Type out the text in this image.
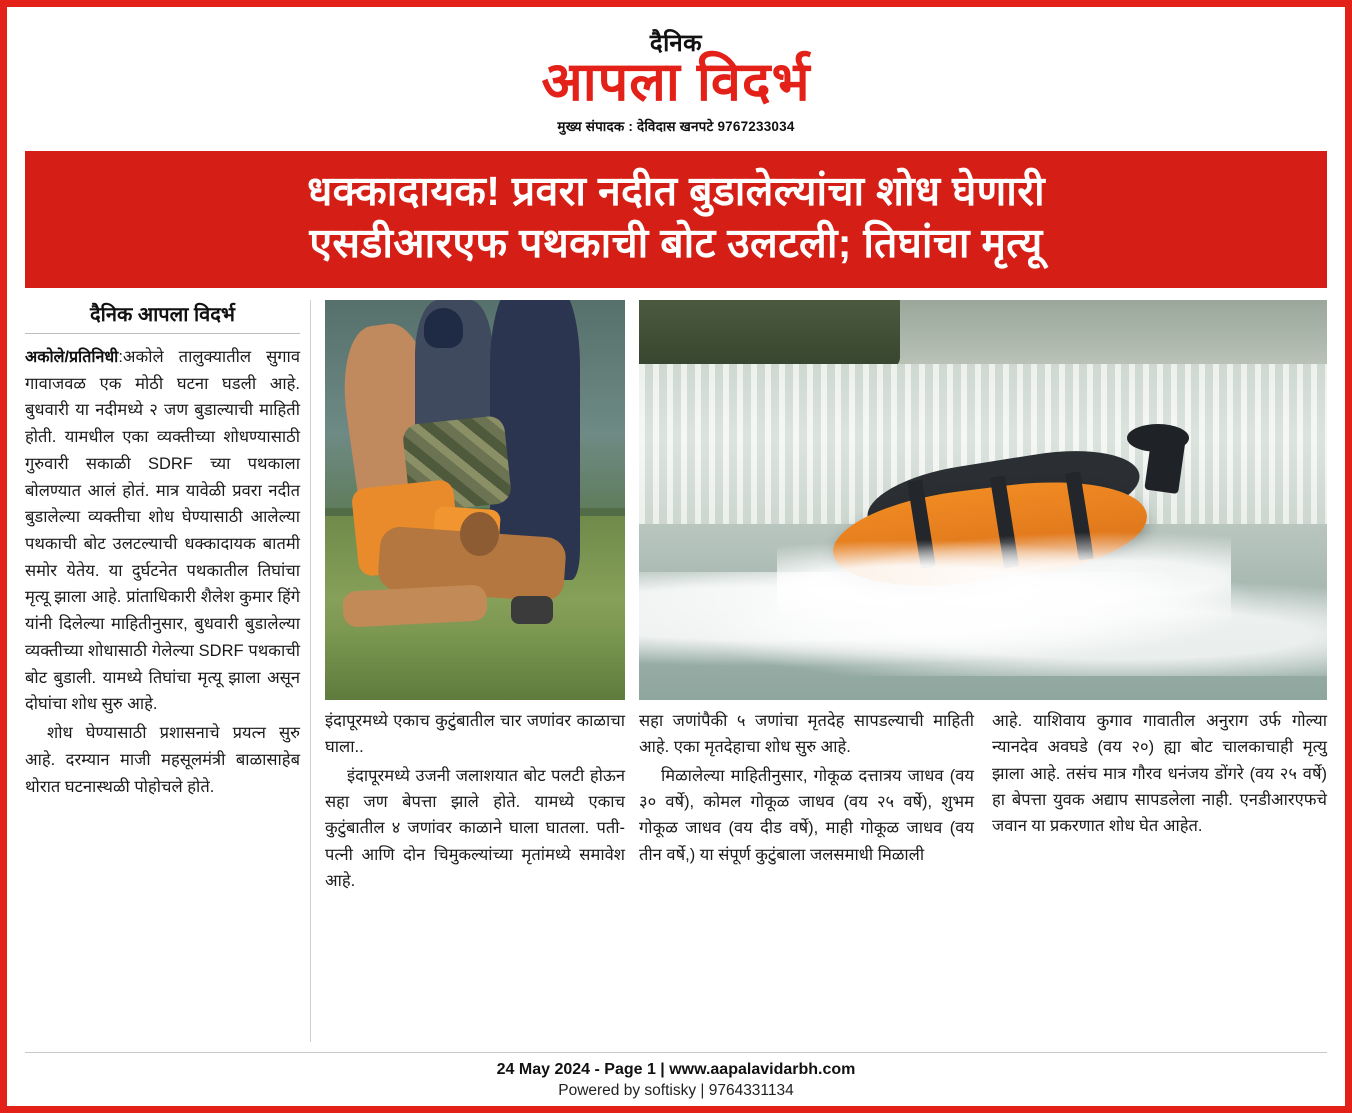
दैनिक
आपला विदर्भ
मुख्य संपादक : देविदास खनपटे 9767233034
धक्कादायक! प्रवरा नदीत बुडालेल्यांचा शोध घेणारी
एसडीआरएफ पथकाची बोट उलटली; तिघांचा मृत्यू
दैनिक आपला विदर्भ

अकोले/प्रतिनिधी:अकोले तालुक्यातील सुगाव गावाजवळ एक मोठी घटना घडली आहे. बुधवारी या नदीमध्ये २ जण बुडाल्याची माहिती होती. यामधील एका व्यक्तीच्या शोधण्यासाठी गुरुवारी सकाळी SDRF च्या पथकाला बोलण्यात आलं होतं. मात्र यावेळी प्रवरा नदीत बुडालेल्या व्यक्तीचा शोध घेण्यासाठी आलेल्या पथकाची बोट उलटल्याची धक्कादायक बातमी समोर येतेय. या दुर्घटनेत पथकातील तिघांचा मृत्यू झाला आहे. प्रांताधिकारी शैलेश कुमार हिंगे यांनी दिलेल्या माहितीनुसार, बुधवारी बुडालेल्या व्यक्तीच्या शोधासाठी गेलेल्या SDRF पथकाची बोट बुडाली. यामध्ये तिघांचा मृत्यू झाला असून दोघांचा शोध सुरु आहे.

शोध घेण्यासाठी प्रशासनाचे प्रयत्न सुरु आहे. दरम्यान माजी महसूलमंत्री बाळासाहेब थोरात घटनास्थळी पोहोचले होते.

इंदापूरमध्ये एकाच कुटुंबातील चार जणांवर काळाचा घाला..

इंदापूरमध्ये उजनी जलाशयात बोट पलटी होऊन सहा जण बेपत्ता झाले होते. यामध्ये एकाच कुटुंबातील ४ जणांवर काळाने घाला घातला. पती-पत्नी आणि दोन चिमुकल्यांच्या मृतांमध्ये समावेश आहे.

सहा जणांपैकी ५ जणांचा मृतदेह सापडल्याची माहिती आहे. एका मृतदेहाचा शोध सुरु आहे.

मिळालेल्या माहितीनुसार, गोकूळ दत्तात्रय जाधव (वय ३० वर्षे), कोमल गोकूळ जाधव (वय २५ वर्षे), शुभम गोकूळ जाधव (वय दीड वर्षे), माही गोकूळ जाधव (वय तीन वर्षे,) या संपूर्ण कुटुंबाला जलसमाधी मिळाली

आहे. याशिवाय कुगाव गावातील अनुराग उर्फ गोल्या न्यानदेव अवघडे (वय २०) ह्या बोट चालकाचाही मृत्यु झाला आहे. तसंच मात्र गौरव धनंजय डोंगरे (वय २५ वर्षे) हा बेपत्ता युवक अद्याप सापडलेला नाही. एनडीआरएफचे जवान या प्रकरणात शोध घेत आहेत.

24 May 2024 - Page 1 | www.aapalavidarbh.com
Powered by softisky | 9764331134
